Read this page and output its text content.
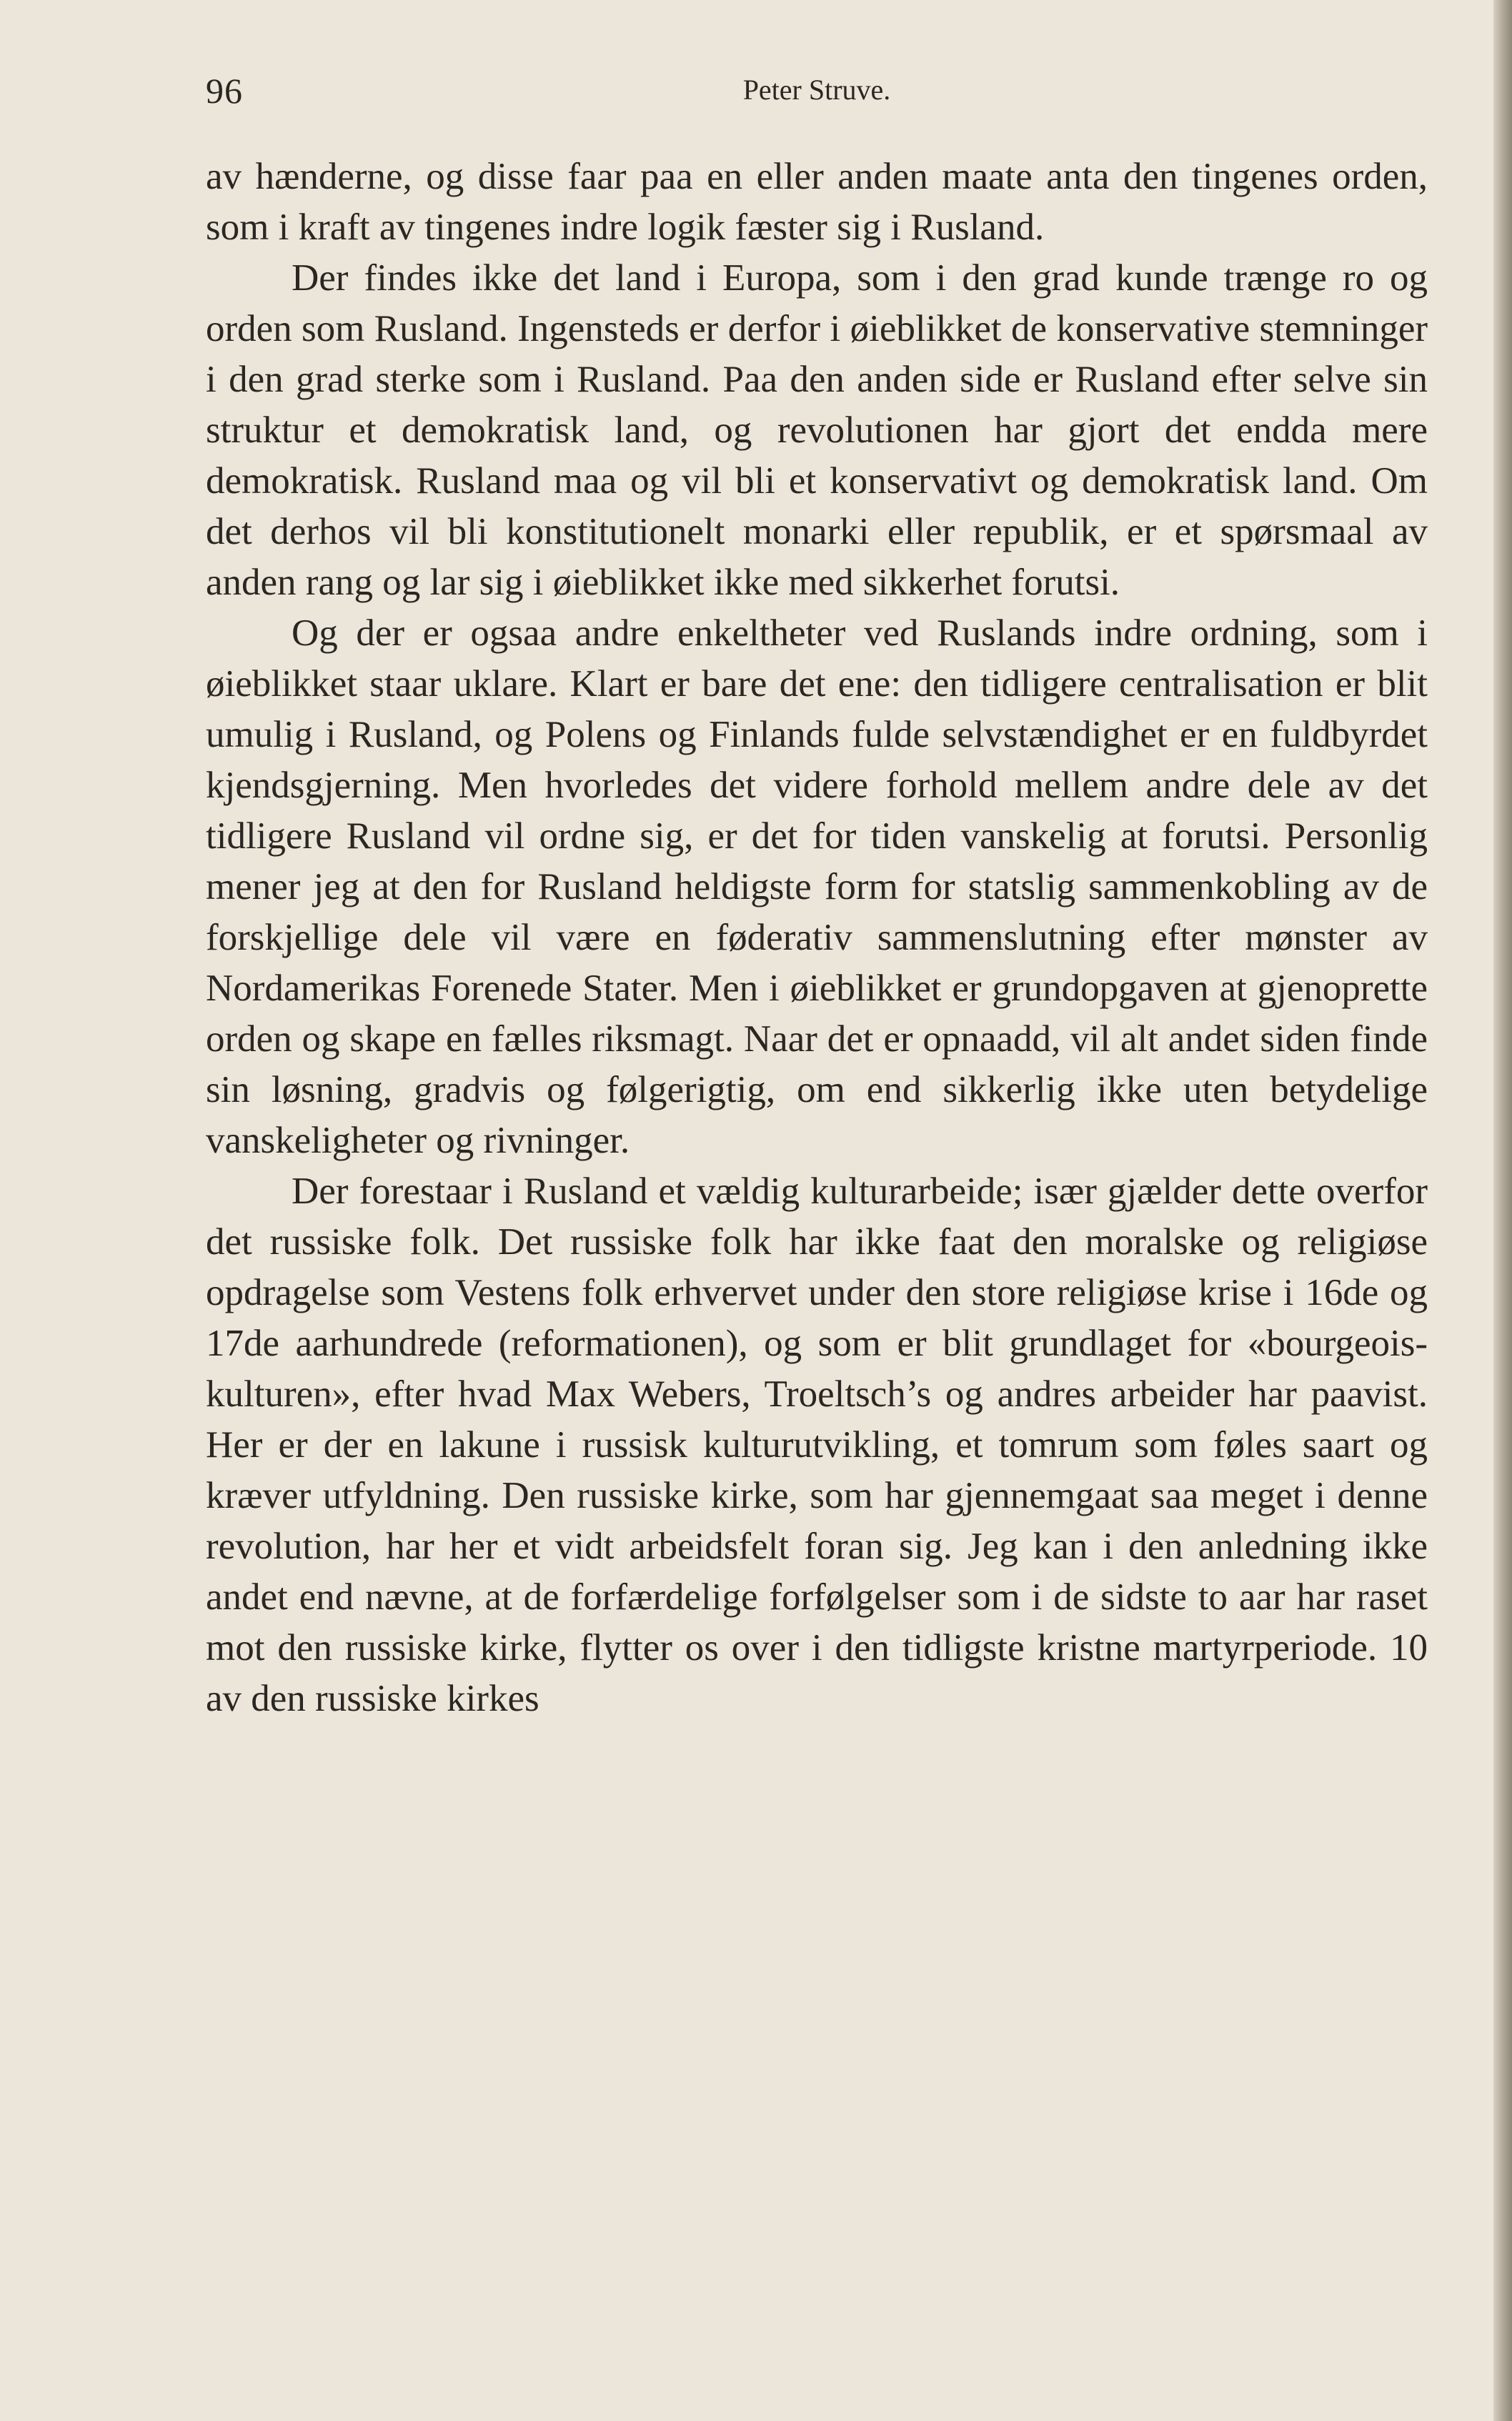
96	Peter Struve.

av hænderne, og disse faar paa en eller anden maate anta den tingenes orden, som i kraft av tingenes indre logik fæster sig i Rusland.

Der findes ikke det land i Europa, som i den grad kunde trænge ro og orden som Rusland. Ingensteds er derfor i øieblikket de konservative stemninger i den grad sterke som i Rusland. Paa den anden side er Rusland efter selve sin struktur et demokratisk land, og revolutionen har gjort det endda mere demokratisk. Rusland maa og vil bli et konservativt og demokratisk land. Om det derhos vil bli konstitutionelt monarki eller republik, er et spørsmaal av anden rang og lar sig i øieblikket ikke med sikkerhet forutsi.

Og der er ogsaa andre enkeltheter ved Ruslands indre ordning, som i øieblikket staar uklare. Klart er bare det ene: den tidligere centralisation er blit umulig i Rusland, og Polens og Finlands fulde selvstændighet er en fuldbyrdet kjendsgjerning. Men hvorledes det videre forhold mellem andre dele av det tidligere Rusland vil ordne sig, er det for tiden vanskelig at forutsi. Personlig mener jeg at den for Rusland heldigste form for statslig sammenkobling av de forskjellige dele vil være en føderativ sammenslutning efter mønster av Nordamerikas Forenede Stater. Men i øieblikket er grundopgaven at gjenoprette orden og skape en fælles riksmagt. Naar det er opnaadd, vil alt andet siden finde sin løsning, gradvis og følgerigtig, om end sikkerlig ikke uten betydelige vanskeligheter og rivninger.

Der forestaar i Rusland et vældig kulturarbeide; især gjælder dette overfor det russiske folk. Det russiske folk har ikke faat den moralske og religiøse opdragelse som Vestens folk erhvervet under den store religiøse krise i 16de og 17de aarhundrede (reformationen), og som er blit grundlaget for «bourgeois-kulturen», efter hvad Max Webers, Troeltsch’s og andres arbeider har paavist. Her er der en lakune i russisk kulturutvikling, et tomrum som føles saart og kræver utfyldning. Den russiske kirke, som har gjennemgaat saa meget i denne revolution, har her et vidt arbeidsfelt foran sig. Jeg kan i den anledning ikke andet end nævne, at de forfærdelige forfølgelser som i de sidste to aar har raset mot den russiske kirke, flytter os over i den tidligste kristne martyrperiode. 10 av den russiske kirkes
